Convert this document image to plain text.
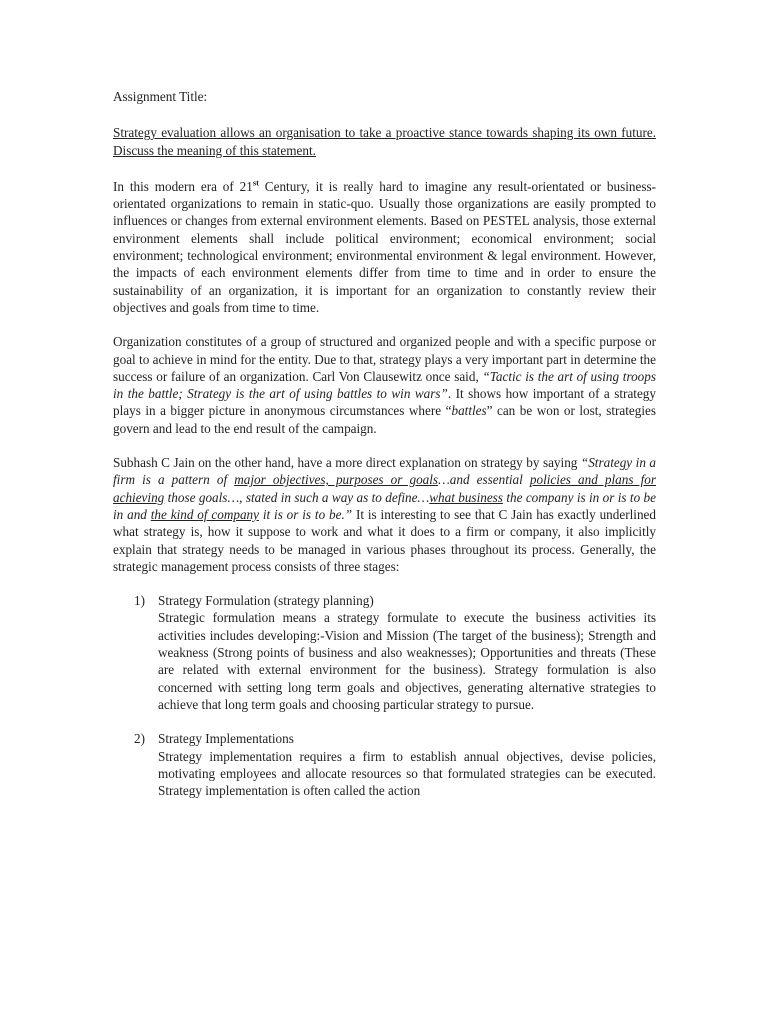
Assignment Title:

Strategy evaluation allows an organisation to take a proactive stance towards shaping its own future. Discuss the meaning of this statement.

In this modern era of 21st Century, it is really hard to imagine any result-orientated or business-orientated organizations to remain in static-quo. Usually those organizations are easily prompted to influences or changes from external environment elements. Based on PESTEL analysis, those external environment elements shall include political environment; economical environment; social environment; technological environment; environmental environment & legal environment. However, the impacts of each environment elements differ from time to time and in order to ensure the sustainability of an organization, it is important for an organization to constantly review their objectives and goals from time to time.

Organization constitutes of a group of structured and organized people and with a specific purpose or goal to achieve in mind for the entity. Due to that, strategy plays a very important part in determine the success or failure of an organization. Carl Von Clausewitz once said, “Tactic is the art of using troops in the battle; Strategy is the art of using battles to win wars”. It shows how important of a strategy plays in a bigger picture in anonymous circumstances where “battles” can be won or lost, strategies govern and lead to the end result of the campaign.

Subhash C Jain on the other hand, have a more direct explanation on strategy by saying “Strategy in a firm is a pattern of major objectives, purposes or goals…and essential policies and plans for achieving those goals…, stated in such a way as to define…what business the company is in or is to be in and the kind of company it is or is to be.” It is interesting to see that C Jain has exactly underlined what strategy is, how it suppose to work and what it does to a firm or company, it also implicitly explain that strategy needs to be managed in various phases throughout its process. Generally, the strategic management process consists of three stages:

1) Strategy Formulation (strategy planning)

Strategic formulation means a strategy formulate to execute the business activities its activities includes developing:-Vision and Mission (The target of the business); Strength and weakness (Strong points of business and also weaknesses); Opportunities and threats (These are related with external environment for the business). Strategy formulation is also concerned with setting long term goals and objectives, generating alternative strategies to achieve that long term goals and choosing particular strategy to pursue.

2) Strategy Implementations

Strategy implementation requires a firm to establish annual objectives, devise policies, motivating employees and allocate resources so that formulated strategies can be executed. Strategy implementation is often called the action
